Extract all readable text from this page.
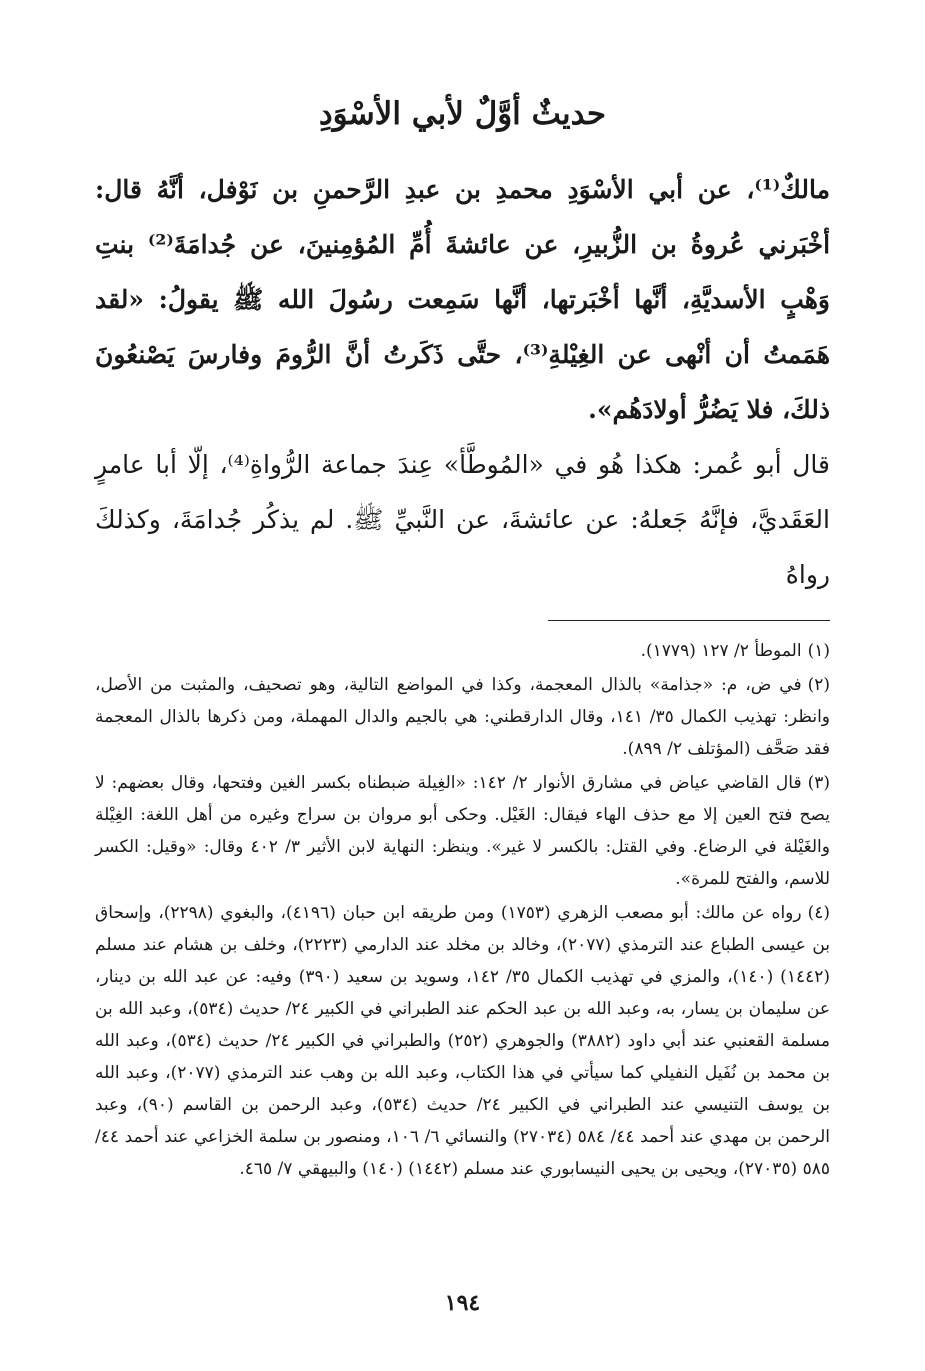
حديثٌ أوَّلٌ لأبي الأسْوَدِ

مالكٌ⁽¹⁾، عن أبي الأسْوَدِ محمدِ بن عبدِ الرَّحمنِ بن نَوْفل، أنَّهُ قال: أخْبَرني عُروةُ بن الزُّبيرِ، عن عائشةَ أُمِّ المُؤمِنينَ، عن جُدامَةَ⁽²⁾ بنتِ وَهْبٍ الأسديَّةِ، أنَّها أخْبَرتها، أنَّها سَمِعت رسُولَ الله ﷺ يقولُ: «لقد هَمَمتُ أن أنْهى عن الغِيْلةِ⁽³⁾، حتَّى ذَكَرتُ أنَّ الرُّومَ وفارسَ يَصْنعُونَ ذلكَ، فلا يَضُرُّ أولادَهُم».

قال أبو عُمر: هكذا هُو في «المُوطَّأ» عِندَ جماعة الرُّواةِ⁽⁴⁾، إلّا أبا عامرٍ العَقَديَّ، فإنَّهُ جَعلهُ: عن عائشةَ، عن النَّبيِّ ﷺ. لم يذكُر جُدامَةَ، وكذلكَ رواهُ

(١)الموطأ ٢/ ١٢٧ (١٧٧٩).

(٢)في ض، م: «جذامة» بالذال المعجمة، وكذا في المواضع التالية، وهو تصحيف، والمثبت من الأصل، وانظر: تهذيب الكمال ٣٥/ ١٤١، وقال الدارقطني: هي بالجيم والدال المهملة، ومن ذكرها بالذال المعجمة فقد صَحَّف (المؤتلف ٢/ ٨٩٩).

(٣)قال القاضي عياض في مشارق الأنوار ٢/ ١٤٢: «الغِيلة ضبطناه بكسر الغين وفتحها، وقال بعضهم: لا يصح فتح العين إلا مع حذف الهاء فيقال: الغَيْل. وحكى أبو مروان بن سراج وغيره من أهل اللغة: الغِيْلة والغَيْلة في الرضاع. وفي القتل: بالكسر لا غير». وينظر: النهاية لابن الأثير ٣/ ٤٠٢ وقال: «وقيل: الكسر للاسم، والفتح للمرة».

(٤)رواه عن مالك: أبو مصعب الزهري (١٧٥٣) ومن طريقه ابن حبان (٤١٩٦)، والبغوي (٢٢٩٨)، وإسحاق بن عيسى الطباع عند الترمذي (٢٠٧٧)، وخالد بن مخلد عند الدارمي (٢٢٢٣)، وخلف بن هشام عند مسلم (١٤٤٢) (١٤٠)، والمزي في تهذيب الكمال ٣٥/ ١٤٢، وسويد بن سعيد (٣٩٠) وفيه: عن عبد الله بن دينار، عن سليمان بن يسار، به، وعبد الله بن عبد الحكم عند الطبراني في الكبير ٢٤/ حديث (٥٣٤)، وعبد الله بن مسلمة القعنبي عند أبي داود (٣٨٨٢) والجوهري (٢٥٢) والطبراني في الكبير ٢٤/ حديث (٥٣٤)، وعبد الله بن محمد بن نُفَيل النفيلي كما سيأتي في هذا الكتاب، وعبد الله بن وهب عند الترمذي (٢٠٧٧)، وعبد الله بن يوسف التنيسي عند الطبراني في الكبير ٢٤/ حديث (٥٣٤)، وعبد الرحمن بن القاسم (٩٠)، وعبد الرحمن بن مهدي عند أحمد ٤٤/ ٥٨٤ (٢٧٠٣٤) والنسائي ٦/ ١٠٦، ومنصور بن سلمة الخزاعي عند أحمد ٤٤/ ٥٨٥ (٢٧٠٣٥)، ويحيى بن يحيى النيسابوري عند مسلم (١٤٤٢) (١٤٠) والبيهقي ٧/ ٤٦٥.

١٩٤
